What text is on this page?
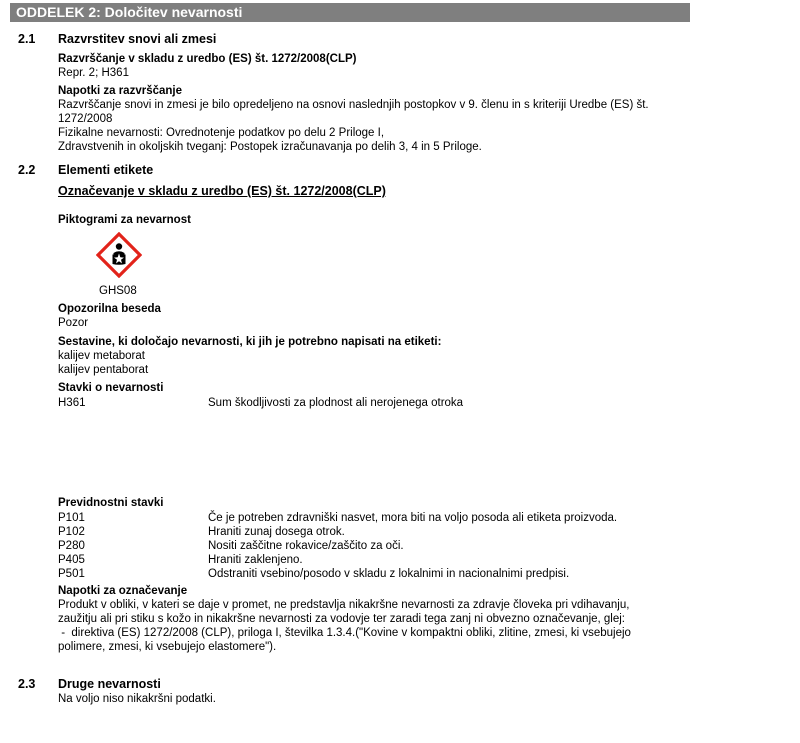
ODDELEK 2: Določitev nevarnosti
2.1 Razvrstitev snovi ali zmesi
Razvrščanje v skladu z uredbo (ES) št. 1272/2008(CLP)
Repr. 2; H361
Napotki za razvrščanje
Razvrščanje snovi in zmesi je bilo opredeljeno na osnovi naslednjih postopkov v 9. členu in s kriteriji Uredbe (ES) št.
1272/2008
Fizikalne nevarnosti: Ovrednotenje podatkov po delu 2 Priloge I,
Zdravstvenih in okoljskih tveganj: Postopek izračunavanja po delih 3, 4 in 5 Priloge.
2.2 Elementi etikete
Označevanje v skladu z uredbo (ES) št. 1272/2008(CLP)
Piktogrami za nevarnost
GHS08
Opozorilna beseda
Pozor
Sestavine, ki določajo nevarnosti, ki jih je potrebno napisati na etiketi:
kalijev metaborat
kalijev pentaborat
Stavki o nevarnosti
H361	Sum škodljivosti za plodnost ali nerojenega otroka
Previdnostni stavki
P101	Če je potreben zdravniški nasvet, mora biti na voljo posoda ali etiketa proizvoda.
P102	Hraniti zunaj dosega otrok.
P280	Nositi zaščitne rokavice/zaščito za oči.
P405	Hraniti zaklenjeno.
P501	Odstraniti vsebino/posodo v skladu z lokalnimi in nacionalnimi predpisi.
Napotki za označevanje
Produkt v obliki, v kateri se daje v promet, ne predstavlja nikakršne nevarnosti za zdravje človeka pri vdihavanju,
zaužitju ali pri stiku s kožo in nikakršne nevarnosti za vodovje ter zaradi tega zanj ni obvezno označevanje, glej:
-  direktiva (ES) 1272/2008 (CLP), priloga I, številka 1.3.4.("Kovine v kompaktni obliki, zlitine, zmesi, ki vsebujejo
polimere, zmesi, ki vsebujejo elastomere").
2.3 Druge nevarnosti
Na voljo niso nikakršni podatki.
